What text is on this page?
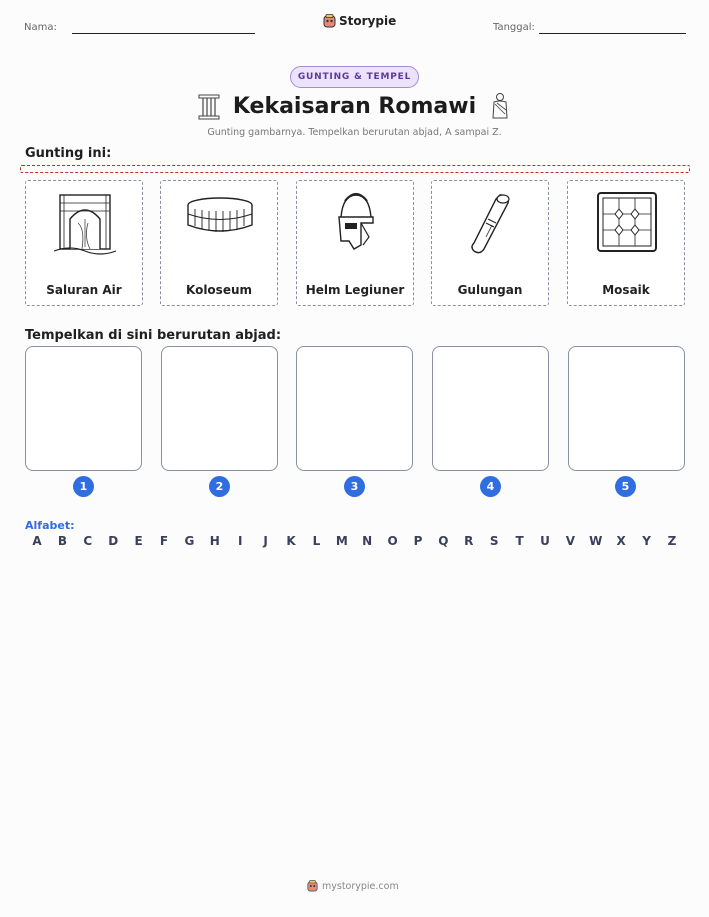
Nama:	Storypie	Tanggal:
GUNTING & TEMPEL
Kekaisaran Romawi
Gunting gambarnya. Tempelkan berurutan abjad, A sampai Z.
Gunting ini:
Saluran Air	Koloseum	Helm Legiuner	Gulungan	Mosaik
Tempelkan di sini berurutan abjad:
1	2	3	4	5
Alfabet:
A	B	C	D	E	F	G	H	I	J	K	L	M	N	O	P	Q	R	S	T	U	V	W	X	Y	Z
mystorypie.com
